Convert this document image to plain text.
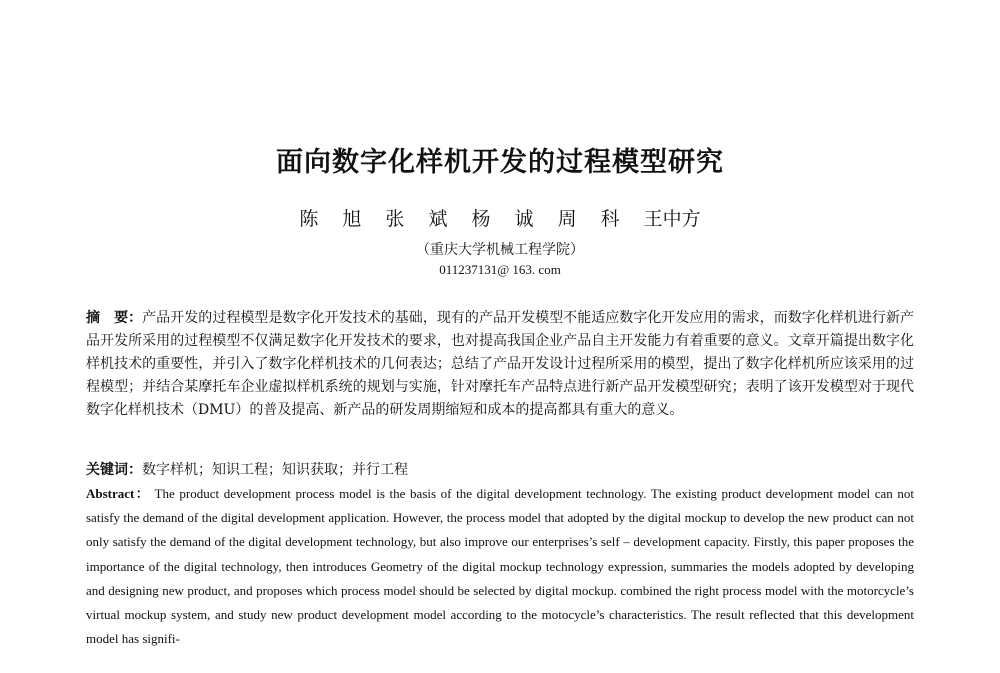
面向数字化样机开发的过程模型研究
陈 旭 张 斌 杨 诚 周 科 王中方
（重庆大学机械工程学院）
011237131@ 163. com

摘　要：产品开发的过程模型是数字化开发技术的基础，现有的产品开发模型不能适应数字化开发应用的需求，而数字化样机进行新产品开发所采用的过程模型不仅满足数字化开发技术的要求，也对提高我国企业产品自主开发能力有着重要的意义。文章开篇提出数字化样机技术的重要性，并引入了数字化样机技术的几何表达；总结了产品开发设计过程所采用的模型，提出了数字化样机所应该采用的过程模型；并结合某摩托车企业虚拟样机系统的规划与实施，针对摩托车产品特点进行新产品开发模型研究；表明了该开发模型对于现代数字化样机技术（DMU）的普及提高、新产品的研发周期缩短和成本的提高都具有重大的意义。

关键词：数字样机；知识工程；知识获取；并行工程

Abstract： The product development process model is the basis of the digital development technology. The existing product development model can not satisfy the demand of the digital development application. However, the process model that adopted by the digital mockup to develop the new product can not only satisfy the demand of the digital development technology, but also improve our enterprises’s self – development capacity. Firstly, this paper proposes the importance of the digital technology, then introduces Geometry of the digital mockup technology expression, summaries the models adopted by developing and designing new product, and proposes which process model should be selected by digital mockup. combined the right process model with the motorcycle’s virtual mockup system, and study new product development model according to the motocycle’s characteristics. The result reflected that this development model has signifi-
